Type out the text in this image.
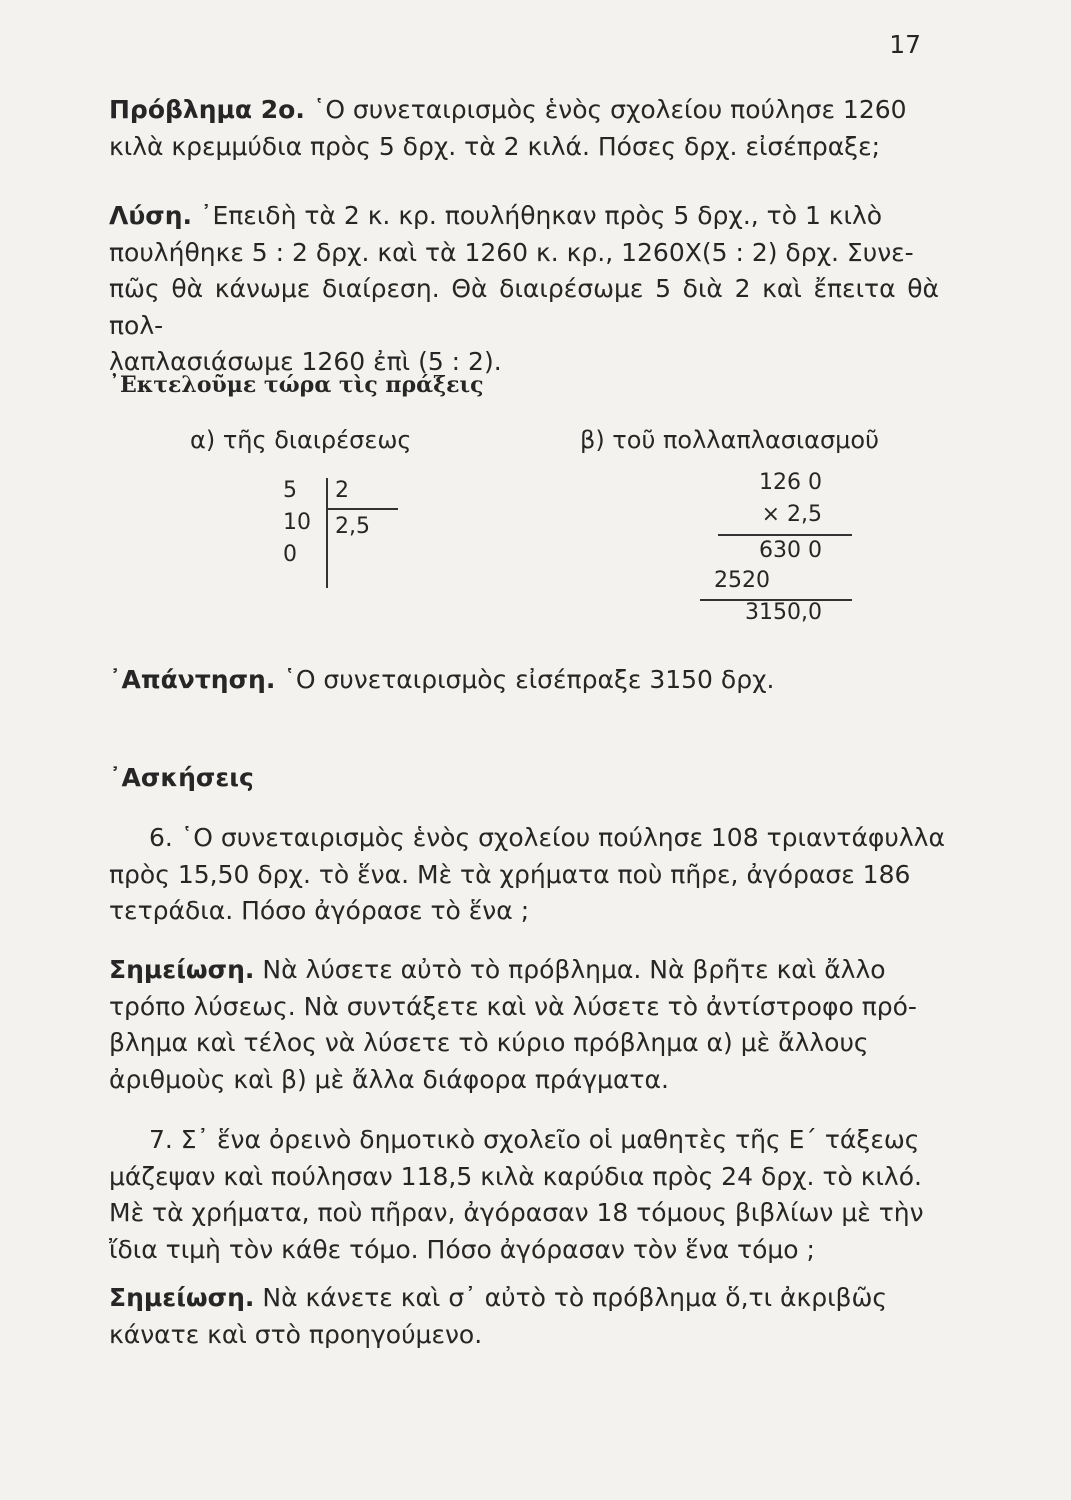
17
Πρόβλημα 2ο. ῾Ο συνεταιρισμὸς ἑνὸς σχολείου πούλησε 1260
κιλὰ κρεμμύδια πρὸς 5 δρχ. τὰ 2 κιλά. Πόσες δρχ. εἰσέπραξε;
Λύση. ᾿Επειδὴ τὰ 2 κ. κρ. πουλήθηκαν πρὸς 5 δρχ., τὸ 1 κιλὸ
πουλήθηκε 5 : 2 δρχ. καὶ τὰ 1260 κ. κρ., 1260Χ(5 : 2) δρχ. Συνε-
πῶς θὰ κάνωμε διαίρεση. Θὰ διαιρέσωμε 5 διὰ 2 καὶ ἔπειτα θὰ πολ-
λαπλασιάσωμε 1260 ἐπὶ (5 : 2).
᾿Εκτελοῦμε τώρα τὶς πράξεις
α) τῆς διαιρέσεως	β) τοῦ πολλαπλασιασμοῦ
5
10
0
2
2,5
126 0
× 2,5
630 0
2520
3150,0
᾿Απάντηση. ῾Ο συνεταιρισμὸς εἰσέπραξε 3150 δρχ.
᾿Ασκήσεις
6. ῾Ο συνεταιρισμὸς ἑνὸς σχολείου πούλησε 108 τριαντάφυλλα
πρὸς 15,50 δρχ. τὸ ἕνα. Μὲ τὰ χρήματα ποὺ πῆρε, ἀγόρασε 186
τετράδια. Πόσο ἀγόρασε τὸ ἕνα ;
Σημείωση. Νὰ λύσετε αὐτὸ τὸ πρόβλημα. Νὰ βρῆτε καὶ ἄλλο
τρόπο λύσεως. Νὰ συντάξετε καὶ νὰ λύσετε τὸ ἀντίστροφο πρό-
βλημα καὶ τέλος νὰ λύσετε τὸ κύριο πρόβλημα α) μὲ ἄλλους
ἀριθμοὺς καὶ β) μὲ ἄλλα διάφορα πράγματα.
7. Σ᾿ ἕνα ὀρεινὸ δημοτικὸ σχολεῖο οἱ μαθητὲς τῆς Ε΄ τάξεως
μάζεψαν καὶ πούλησαν 118,5 κιλὰ καρύδια πρὸς 24 δρχ. τὸ κιλό.
Μὲ τὰ χρήματα, ποὺ πῆραν, ἀγόρασαν 18 τόμους βιβλίων μὲ τὴν
ἴδια τιμὴ τὸν κάθε τόμο. Πόσο ἀγόρασαν τὸν ἕνα τόμο ;
Σημείωση. Νὰ κάνετε καὶ σ᾿ αὐτὸ τὸ πρόβλημα ὅ,τι ἀκριβῶς
κάνατε καὶ στὸ προηγούμενο.
